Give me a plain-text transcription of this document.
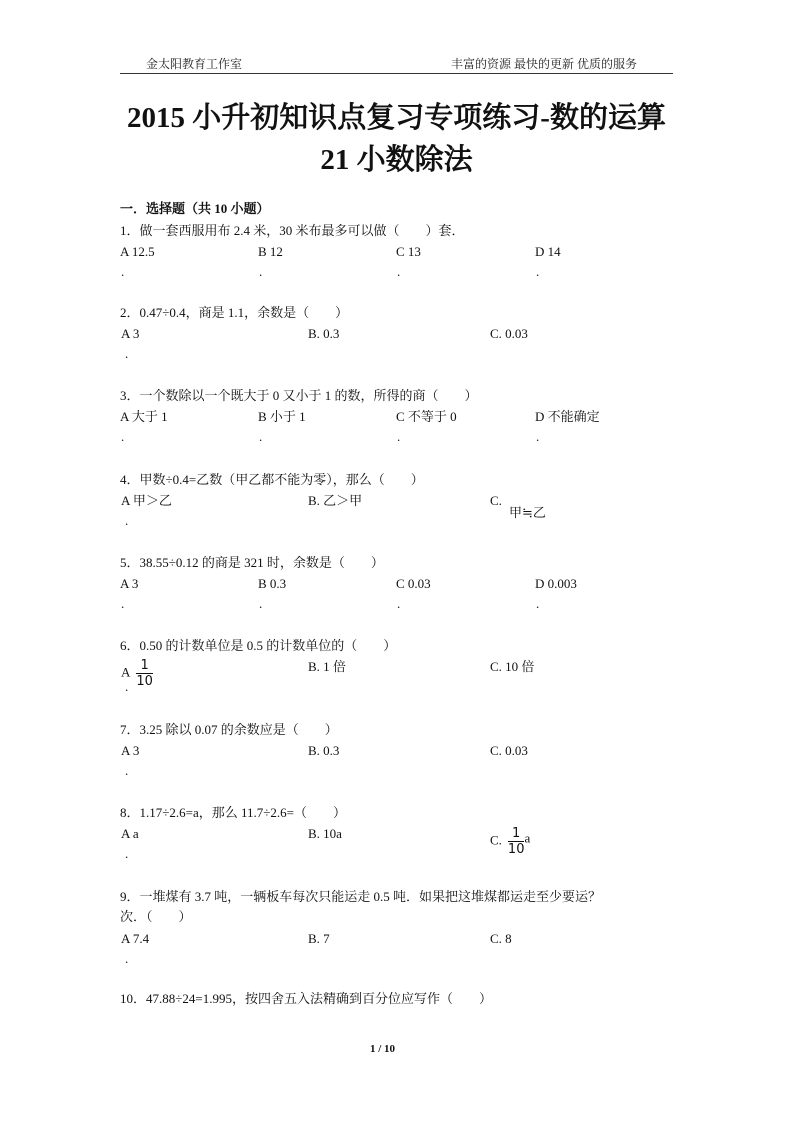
金太阳教育工作室	丰富的资源 最快的更新 优质的服务
2015 小升初知识点复习专项练习-数的运算
21 小数除法
一．选择题（共 10 小题）
1．做一套西服用布 2.4 米，30 米布最多可以做（　　）套．
A 12.5
.
B 12
.
C 13
.
D 14
.
2．0.47÷0.4，商是 1.1，余数是（　　）
A 3	B. 0.3	C. 0.03
.
3．一个数除以一个既大于 0 又小于 1 的数，所得的商（　　）
A 大于 1
.
B 小于 1
.
C 不等于 0
.
D 不能确定
.
4．甲数÷0.4=乙数（甲乙都不能为零），那么（　　）
A 甲＞乙	B. 乙＞甲	C.
.
甲≒乙
5．38.55÷0.12 的商是 321 时，余数是（　　）
A 3
.
B 0.3
.
C 0.03
.
D 0.003
.
6．0.50 的计数单位是 0.5 的计数单位的（　　）
A $\frac{1}{10}$	B. 1 倍	C. 10 倍
.
7．3.25 除以 0.07 的余数应是（　　）
A 3	B. 0.3	C. 0.03
.
8．1.17÷2.6=a，那么 11.7÷2.6=（　　）
A a	B. 10a	C. $\frac{1}{10}$ a
.
9．一堆煤有 3.7 吨，一辆板车每次只能运走 0.5 吨．如果把这堆煤都运走至少要运？
次．（　　）
A 7.4	B. 7	C. 8
.
10．47.88÷24=1.995，按四舍五入法精确到百分位应写作（　　）
1 / 10
